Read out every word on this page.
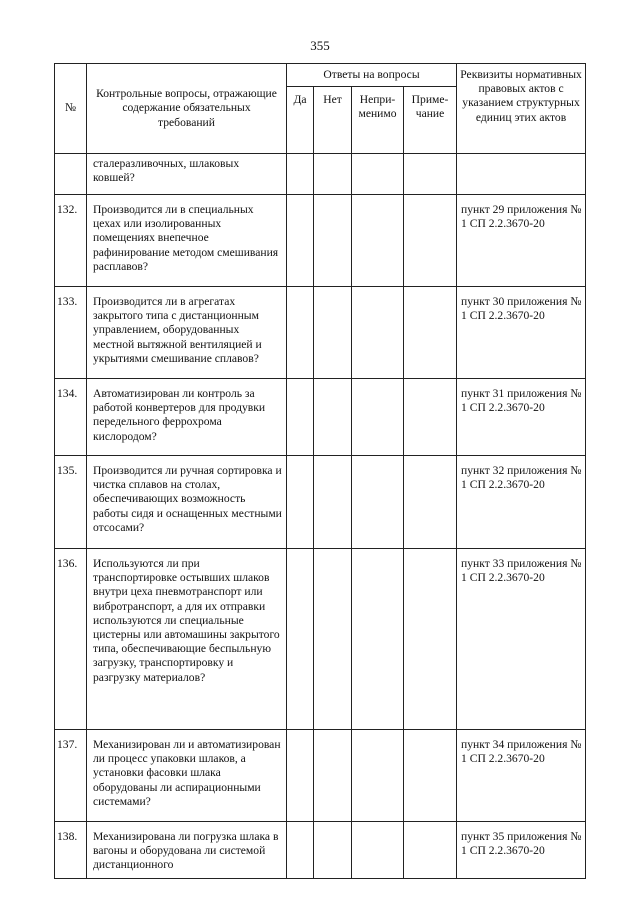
355
№	Контрольные вопросы, отражающие содержание обязательных требований	Ответы на вопросы				Реквизиты нормативных правовых актов с указанием структурных единиц этих актов
		Да	Нет	Непри-менимо	Приме-чание	
	сталеразливочных, шлаковых ковшей?					
132.	Производится ли в специальных цехах или изолированных помещениях внепечное рафинирование методом смешивания расплавов?					пункт 29 приложения № 1 СП 2.2.3670-20
133.	Производится ли в агрегатах закрытого типа с дистанционным управлением, оборудованных местной вытяжной вентиляцией и укрытиями смешивание сплавов?					пункт 30 приложения № 1 СП 2.2.3670-20
134.	Автоматизирован ли контроль за работой конвертеров для продувки передельного феррохрома кислородом?					пункт 31 приложения № 1 СП 2.2.3670-20
135.	Производится ли ручная сортировка и чистка сплавов на столах, обеспечивающих возможность работы сидя и оснащенных местными отсосами?					пункт 32 приложения № 1 СП 2.2.3670-20
136.	Используются ли при транспортировке остывших шлаков внутри цеха пневмотранспорт или вибротранспорт, а для их отправки используются ли специальные цистерны или автомашины закрытого типа, обеспечивающие беспыльную загрузку, транспортировку и разгрузку материалов?					пункт 33 приложения № 1 СП 2.2.3670-20
137.	Механизирован ли и автоматизирован ли процесс упаковки шлаков, а установки фасовки шлака оборудованы ли аспирационными системами?					пункт 34 приложения № 1 СП 2.2.3670-20
138.	Механизирована ли погрузка шлака в вагоны и оборудована ли системой дистанционного					пункт 35 приложения № 1 СП 2.2.3670-20
